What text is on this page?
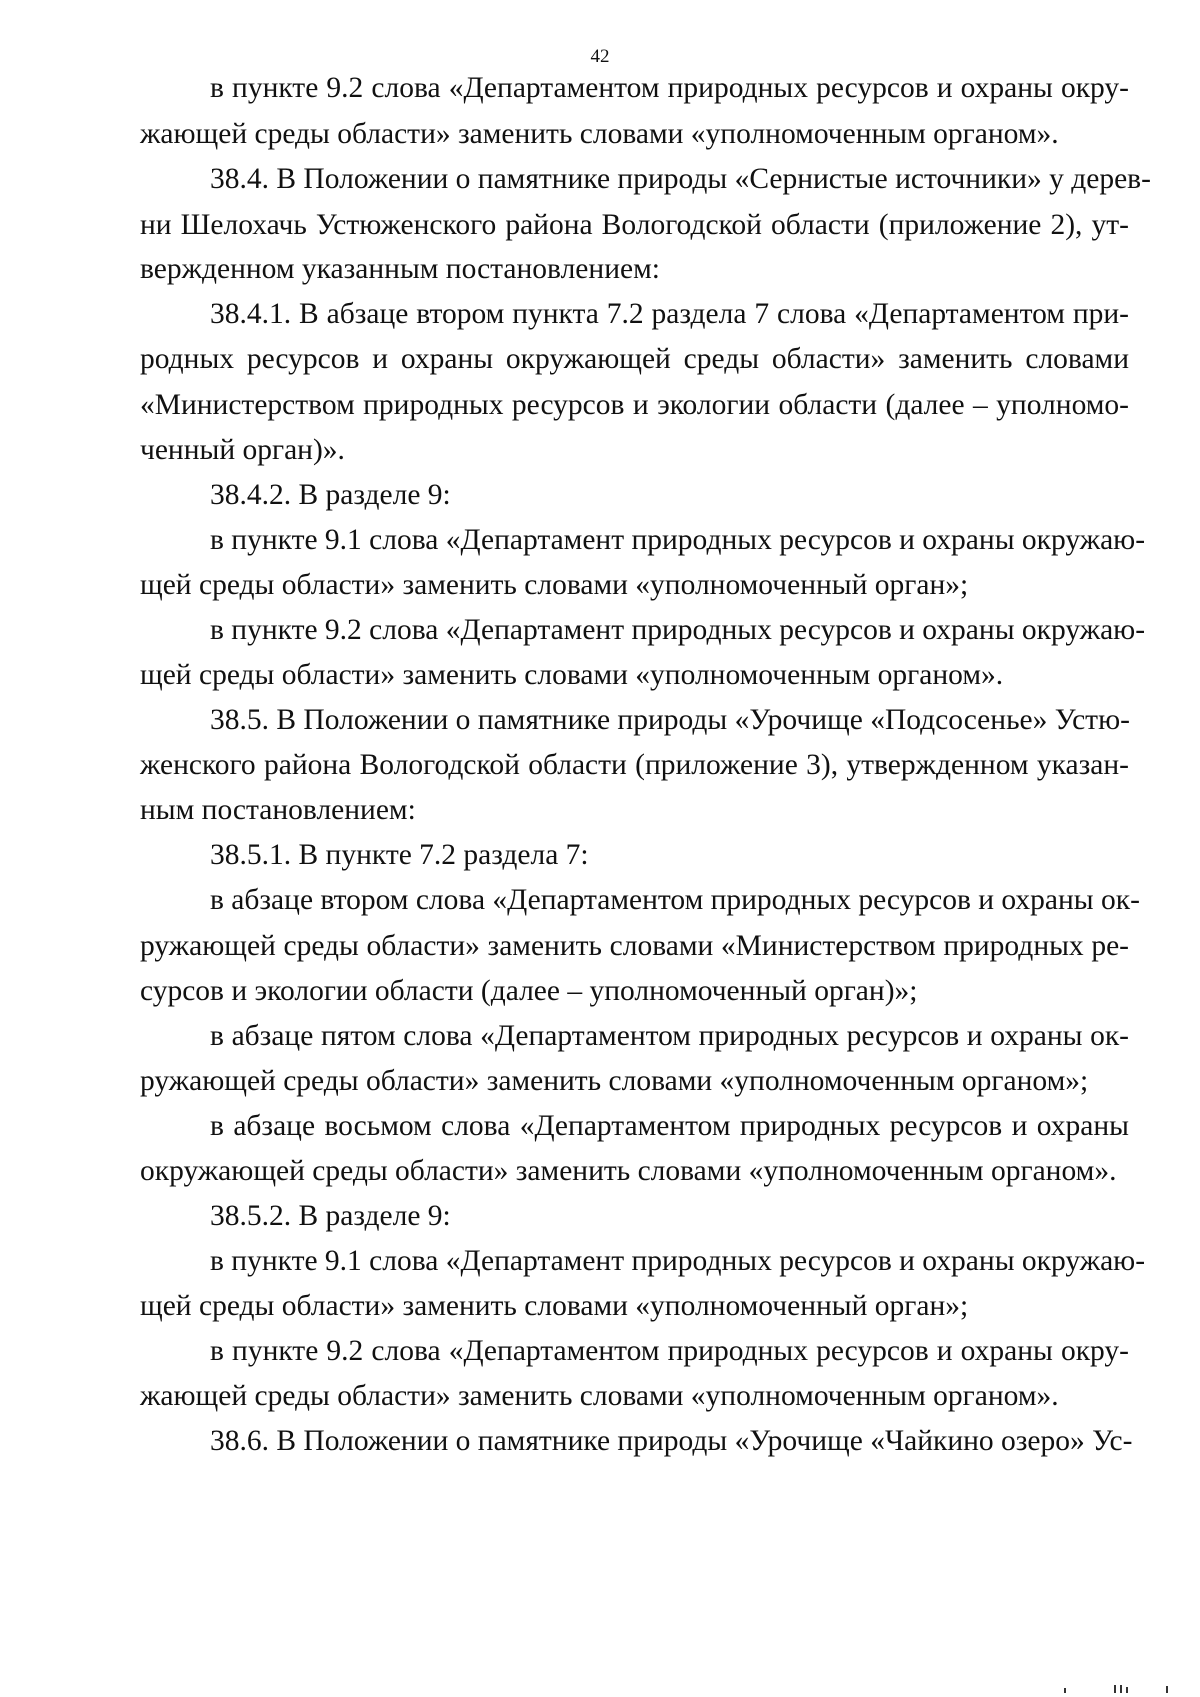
42
в пункте 9.2 слова «Департаментом природных ресурсов и охраны окру-
жающей среды области» заменить словами «уполномоченным органом».
38.4. В Положении о памятнике природы «Сернистые источники» у дерев-
ни Шелохачь Устюженского района Вологодской области (приложение 2), ут-
вержденном указанным постановлением:
38.4.1. В абзаце втором пункта 7.2 раздела 7 слова «Департаментом при-
родных ресурсов и охраны окружающей среды области» заменить словами
«Министерством природных ресурсов и экологии области (далее – уполномо-
ченный орган)».
38.4.2. В разделе 9:
в пункте 9.1 слова «Департамент природных ресурсов и охраны окружаю-
щей среды области» заменить словами «уполномоченный орган»;
в пункте 9.2 слова «Департамент природных ресурсов и охраны окружаю-
щей среды области» заменить словами «уполномоченным органом».
38.5. В Положении о памятнике природы «Урочище «Подсосенье» Устю-
женского района Вологодской области (приложение 3), утвержденном указан-
ным постановлением:
38.5.1. В пункте 7.2 раздела 7:
в абзаце втором слова «Департаментом природных ресурсов и охраны ок-
ружающей среды области» заменить словами «Министерством природных ре-
сурсов и экологии области (далее – уполномоченный орган)»;
в абзаце пятом слова «Департаментом природных ресурсов и охраны ок-
ружающей среды области» заменить словами «уполномоченным органом»;
в абзаце восьмом слова «Департаментом природных ресурсов и охраны
окружающей среды области» заменить словами «уполномоченным органом».
38.5.2. В разделе 9:
в пункте 9.1 слова «Департамент природных ресурсов и охраны окружаю-
щей среды области» заменить словами «уполномоченный орган»;
в пункте 9.2 слова «Департаментом природных ресурсов и охраны окру-
жающей среды области» заменить словами «уполномоченным органом».
38.6. В Положении о памятнике природы «Урочище «Чайкино озеро» Ус-
